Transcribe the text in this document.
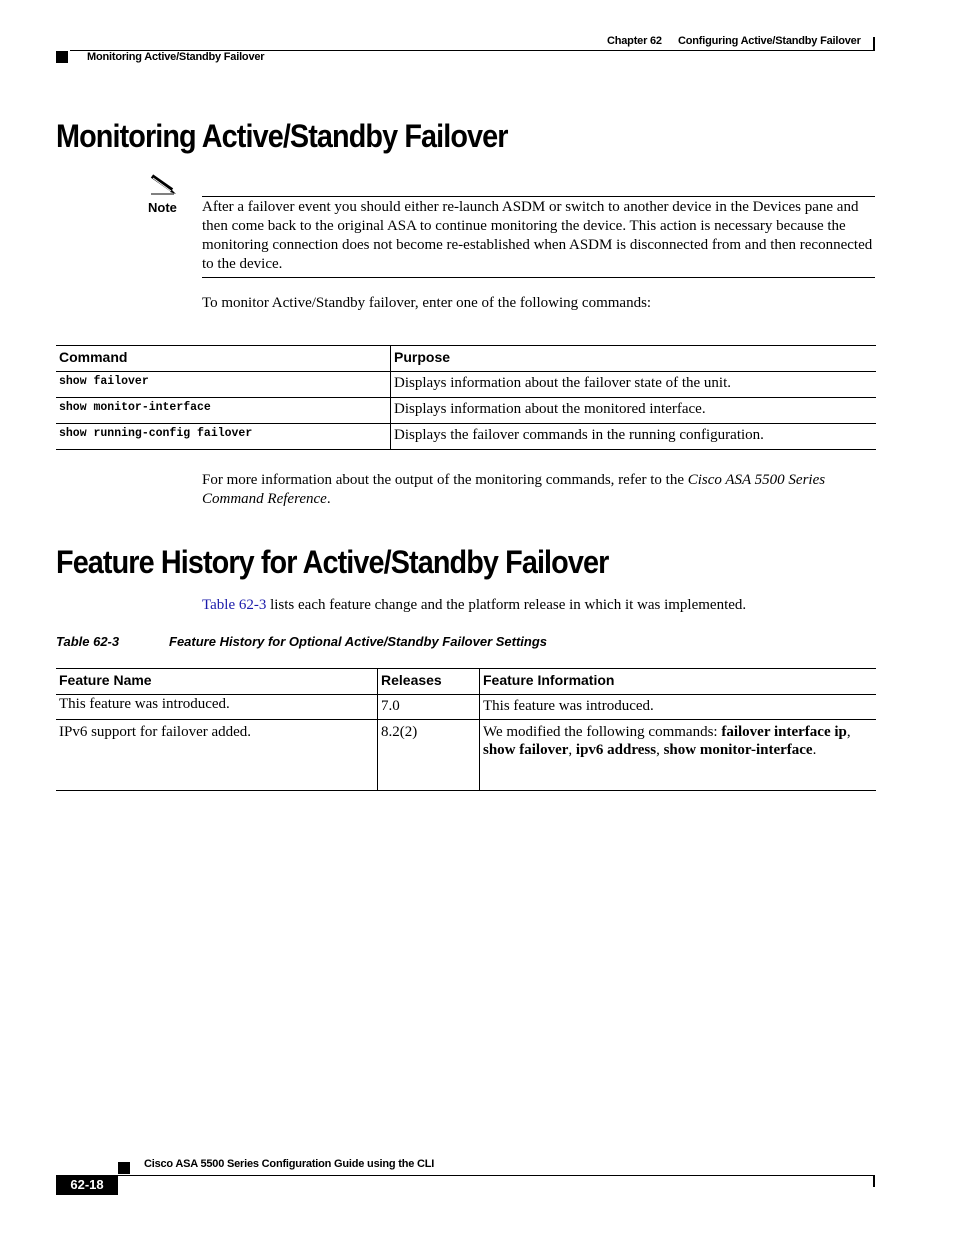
Chapter 62 Configuring Active/Standby Failover
Monitoring Active/Standby Failover
Monitoring Active/Standby Failover
Note After a failover event you should either re-launch ASDM or switch to another device in the Devices pane and then come back to the original ASA to continue monitoring the device. This action is necessary because the monitoring connection does not become re-established when ASDM is disconnected from and then reconnected to the device.
To monitor Active/Standby failover, enter one of the following commands:
Command	Purpose
show failover	Displays information about the failover state of the unit.
show monitor-interface	Displays information about the monitored interface.
show running-config failover	Displays the failover commands in the running configuration.
For more information about the output of the monitoring commands, refer to the Cisco ASA 5500 Series Command Reference.
Feature History for Active/Standby Failover
Table 62-3 lists each feature change and the platform release in which it was implemented.
Table 62-3	Feature History for Optional Active/Standby Failover Settings
Feature Name	Releases	Feature Information
This feature was introduced.	7.0	This feature was introduced.
IPv6 support for failover added.	8.2(2)	We modified the following commands: failover interface ip, show failover, ipv6 address, show monitor-interface.
Cisco ASA 5500 Series Configuration Guide using the CLI
62-18
